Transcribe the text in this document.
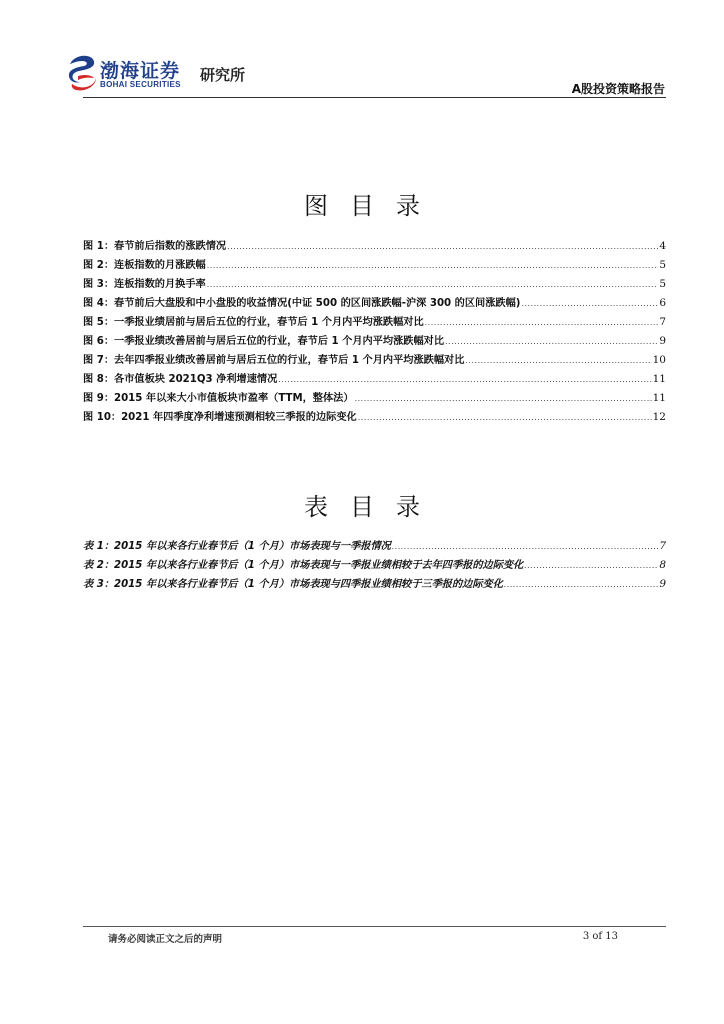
渤海证券
BOHAI SECURITIES
研究所
A股投资策略报告
图目录
图 1：春节前后指数的涨跌情况 .....	4
图 2：连板指数的月涨跌幅 .....	5
图 3：连板指数的月换手率 .....	5
图 4：春节前后大盘股和中小盘股的收益情况(中证 500 的区间涨跌幅-沪深 300 的区间涨跌幅) .....	6
图 5：一季报业绩居前与居后五位的行业，春节后 1 个月内平均涨跌幅对比 .....	7
图 6：一季报业绩改善居前与居后五位的行业，春节后 1 个月内平均涨跌幅对比 .....	9
图 7：去年四季报业绩改善居前与居后五位的行业，春节后 1 个月内平均涨跌幅对比 .....	10
图 8：各市值板块 2021Q3 净利增速情况 .....	11
图 9：2015 年以来大小市值板块市盈率（TTM，整体法） .....	11
图 10：2021 年四季度净利增速预测相较三季报的边际变化 .....	12
表目录
表 1：2015 年以来各行业春节后（1 个月）市场表现与一季报情况 .....	7
表 2：2015 年以来各行业春节后（1 个月）市场表现与一季报业绩相较于去年四季报的边际变化 .....	8
表 3：2015 年以来各行业春节后（1 个月）市场表现与四季报业绩相较于三季报的边际变化 .....	9
请务必阅读正文之后的声明	3 of 13
